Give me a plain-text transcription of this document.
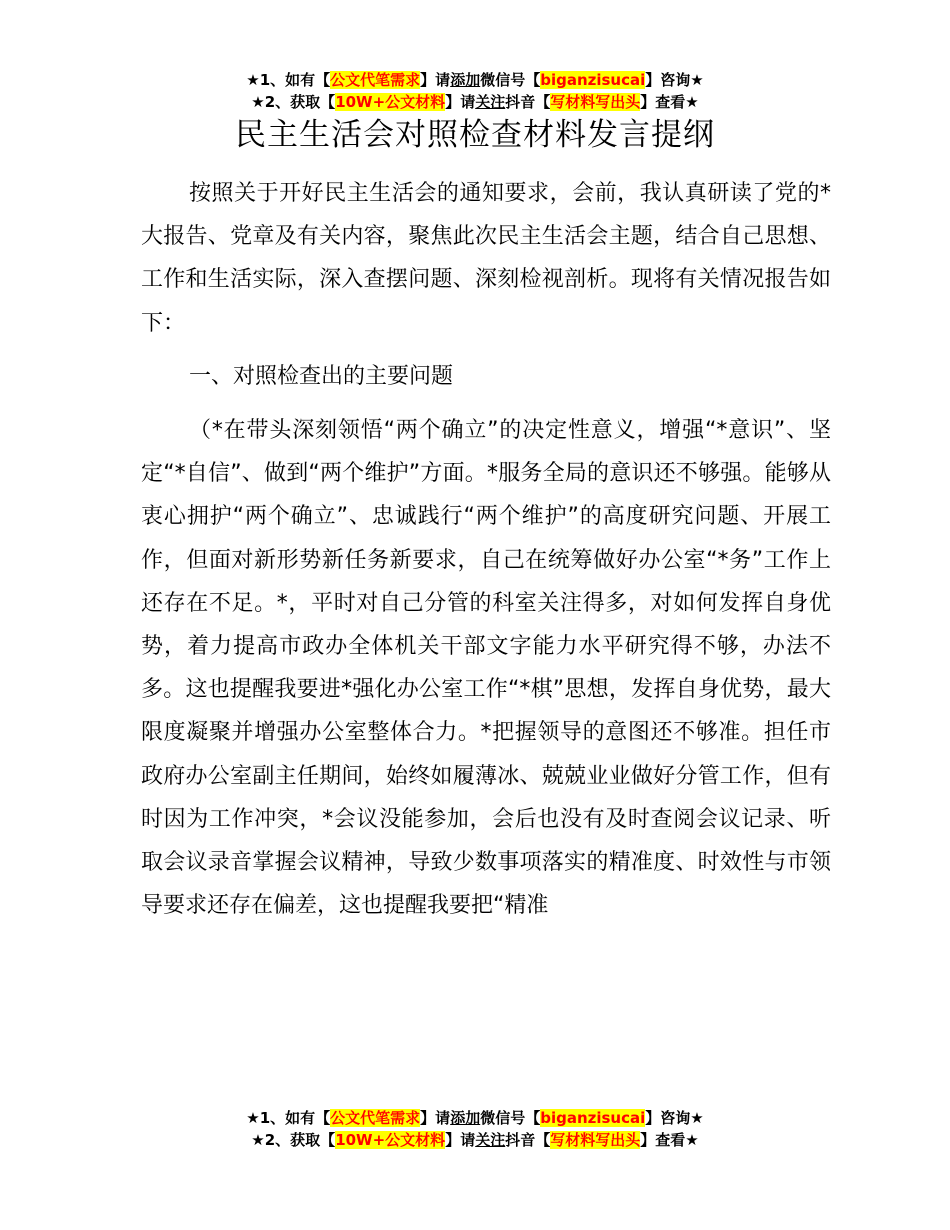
★1、如有【公文代笔需求】请添加微信号【biganzisucai】咨询★
★2、获取【10W+公文材料】请关注抖音【写材料写出头】查看★
民主生活会对照检查材料发言提纲
按照关于开好民主生活会的通知要求，会前，我认真研读了党的*大报告、党章及有关内容，聚焦此次民主生活会主题，结合自己思想、工作和生活实际，深入查摆问题、深刻检视剖析。现将有关情况报告如下：
一、对照检查出的主要问题
（*在带头深刻领悟“两个确立”的决定性意义，增强“*意识”、坚定“*自信”、做到“两个维护”方面。*服务全局的意识还不够强。能够从衷心拥护“两个确立”、忠诚践行“两个维护”的高度研究问题、开展工作，但面对新形势新任务新要求，自己在统筹做好办公室“*务”工作上还存在不足。*，平时对自己分管的科室关注得多，对如何发挥自身优势，着力提高市政办全体机关干部文字能力水平研究得不够，办法不多。这也提醒我要进*强化办公室工作“*棋”思想，发挥自身优势，最大限度凝聚并增强办公室整体合力。*把握领导的意图还不够准。担任市政府办公室副主任期间，始终如履薄冰、兢兢业业做好分管工作，但有时因为工作冲突，*会议没能参加，会后也没有及时查阅会议记录、听取会议录音掌握会议精神，导致少数事项落实的精准度、时效性与市领导要求还存在偏差，这也提醒我要把“精准
★1、如有【公文代笔需求】请添加微信号【biganzisucai】咨询★
★2、获取【10W+公文材料】请关注抖音【写材料写出头】查看★
